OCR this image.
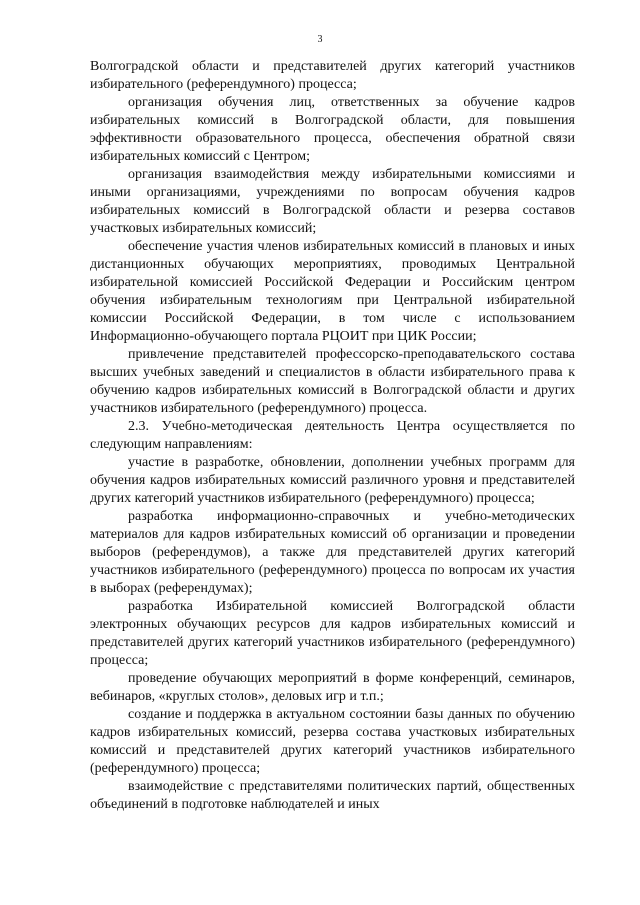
3

Волгоградской области и представителей других категорий участников избирательного (референдумного) процесса;

организация обучения лиц, ответственных за обучение кадров избирательных комиссий в Волгоградской области, для повышения эффективности образовательного процесса, обеспечения обратной связи избирательных комиссий с Центром;

организация взаимодействия между избирательными комиссиями и иными организациями, учреждениями по вопросам обучения кадров избирательных комиссий в Волгоградской области и резерва составов участковых избирательных комиссий;

обеспечение участия членов избирательных комиссий в плановых и иных дистанционных обучающих мероприятиях, проводимых Центральной избирательной комиссией Российской Федерации и Российским центром обучения избирательным технологиям при Центральной избирательной комиссии Российской Федерации, в том числе с использованием Информационно-обучающего портала РЦОИТ при ЦИК России;

привлечение представителей профессорско-преподавательского состава высших учебных заведений и специалистов в области избирательного права к обучению кадров избирательных комиссий в Волгоградской области и других участников избирательного (референдумного) процесса.

2.3. Учебно-методическая деятельность Центра осуществляется по следующим направлениям:

участие в разработке, обновлении, дополнении учебных программ для обучения кадров избирательных комиссий различного уровня и представителей других категорий участников избирательного (референдумного) процесса;

разработка информационно-справочных и учебно-методических материалов для кадров избирательных комиссий об организации и проведении выборов (референдумов), а также для представителей других категорий участников избирательного (референдумного) процесса по вопросам их участия в выборах (референдумах);

разработка Избирательной комиссией Волгоградской области электронных обучающих ресурсов для кадров избирательных комиссий и представителей других категорий участников избирательного (референдумного) процесса;

проведение обучающих мероприятий в форме конференций, семинаров, вебинаров, «круглых столов», деловых игр и т.п.;

создание и поддержка в актуальном состоянии базы данных по обучению кадров избирательных комиссий, резерва состава участковых избирательных комиссий и представителей других категорий участников избирательного (референдумного) процесса;

взаимодействие с представителями политических партий, общественных объединений в подготовке наблюдателей и иных
